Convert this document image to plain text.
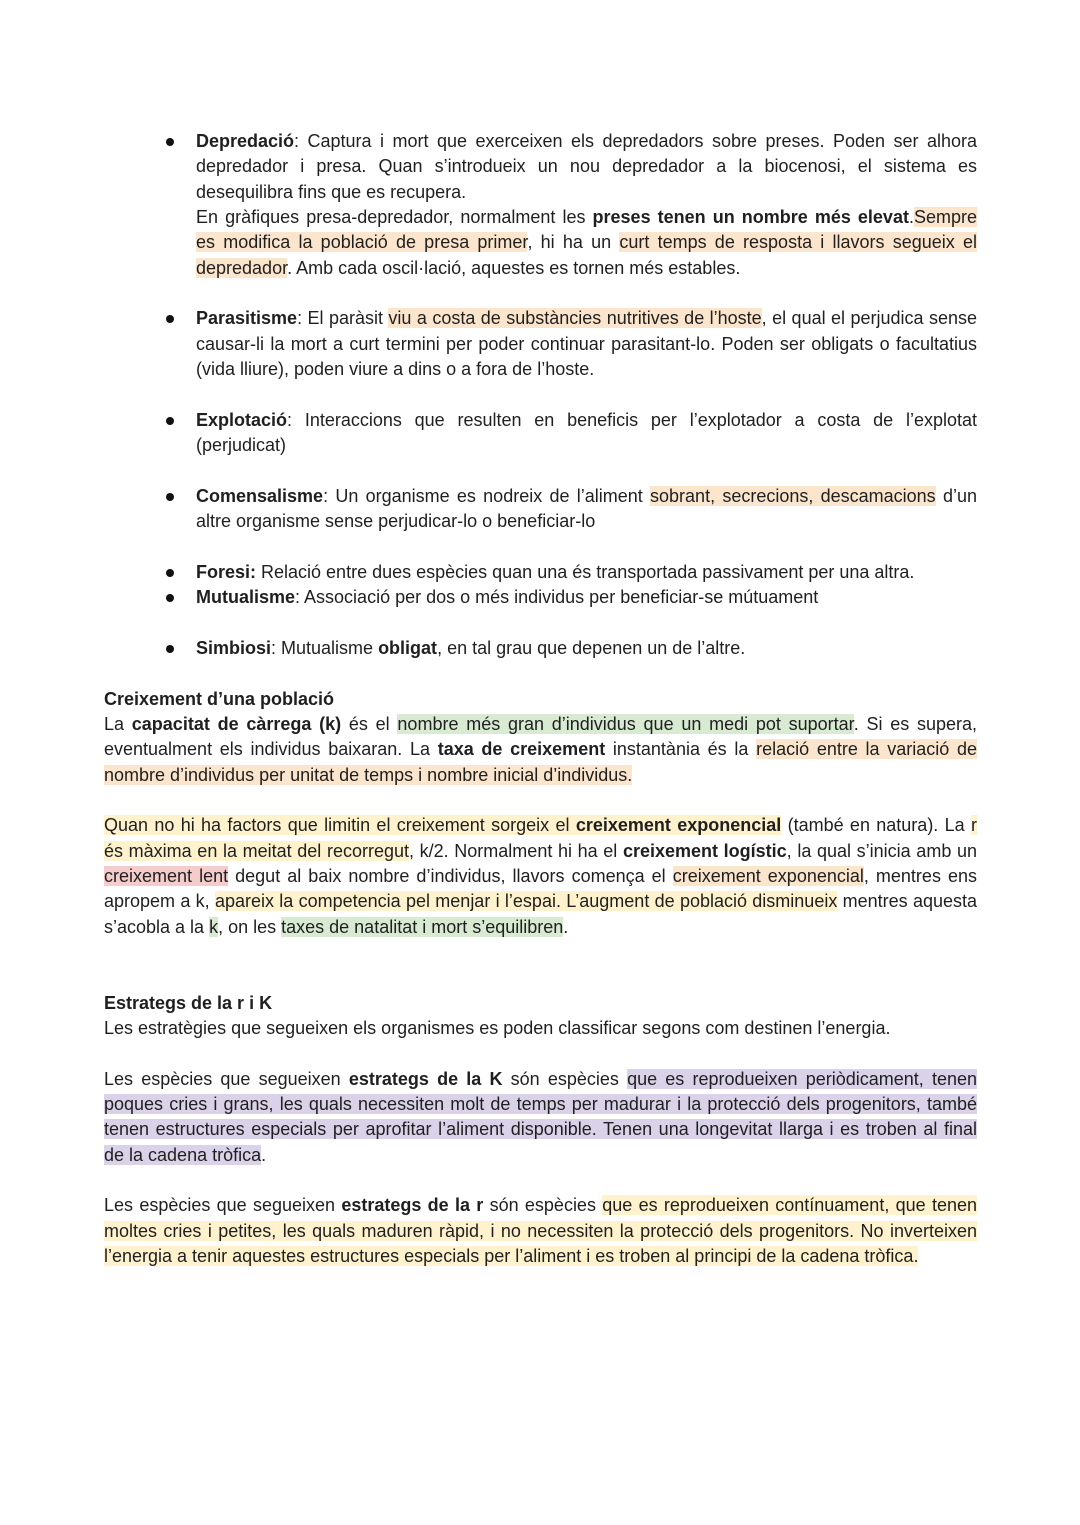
Depredació: Captura i mort que exerceixen els depredadors sobre preses. Poden ser alhora depredador i presa. Quan s’introdueix un nou depredador a la biocenosi, el sistema es desequilibra fins que es recupera.
En gràfiques presa-depredador, normalment les preses tenen un nombre més elevat.Sempre es modifica la població de presa primer, hi ha un curt temps de resposta i llavors segueix el depredador. Amb cada oscil·lació, aquestes es tornen més estables.
Parasitisme: El paràsit viu a costa de substàncies nutritives de l’hoste, el qual el perjudica sense causar-li la mort a curt termini per poder continuar parasitant-lo. Poden ser obligats o facultatius (vida lliure), poden viure a dins o a fora de l’hoste.
Explotació: Interaccions que resulten en beneficis per l’explotador a costa de l’explotat (perjudicat)
Comensalisme: Un organisme es nodreix de l’aliment sobrant, secrecions, descamacions d’un altre organisme sense perjudicar-lo o beneficiar-lo
Foresi: Relació entre dues espècies quan una és transportada passivament per una altra.
Mutualisme: Associació per dos o més individus per beneficiar-se mútuament
Simbiosi: Mutualisme obligat, en tal grau que depenen un de l’altre.
Creixement d’una població
La capacitat de càrrega (k) és el nombre més gran d’individus que un medi pot suportar. Si es supera, eventualment els individus baixaran. La taxa de creixement instantània és la relació entre la variació de nombre d’individus per unitat de temps i nombre inicial d’individus.
Quan no hi ha factors que limitin el creixement sorgeix el creixement exponencial (també en natura). La r és màxima en la meitat del recorregut, k/2. Normalment hi ha el creixement logístic, la qual s’inicia amb un creixement lent degut al baix nombre d’individus, llavors comença el creixement exponencial, mentres ens apropem a k, apareix la competencia pel menjar i l’espai. L’augment de població disminueix mentres aquesta s’acobla a la k, on les taxes de natalitat i mort s’equilibren.
Estrategs de la r i K
Les estratègies que segueixen els organismes es poden classificar segons com destinen l’energia.
Les espècies que segueixen estrategs de la K són espècies que es reprodueixen periòdicament, tenen poques cries i grans, les quals necessiten molt de temps per madurar i la protecció dels progenitors, també tenen estructures especials per aprofitar l’aliment disponible. Tenen una longevitat llarga i es troben al final de la cadena tròfica.
Les espècies que segueixen estrategs de la r són espècies que es reprodueixen contínuament, que tenen moltes cries i petites, les quals maduren ràpid, i no necessiten la protecció dels progenitors. No inverteixen l’energia a tenir aquestes estructures especials per l’aliment i es troben al principi de la cadena tròfica.
